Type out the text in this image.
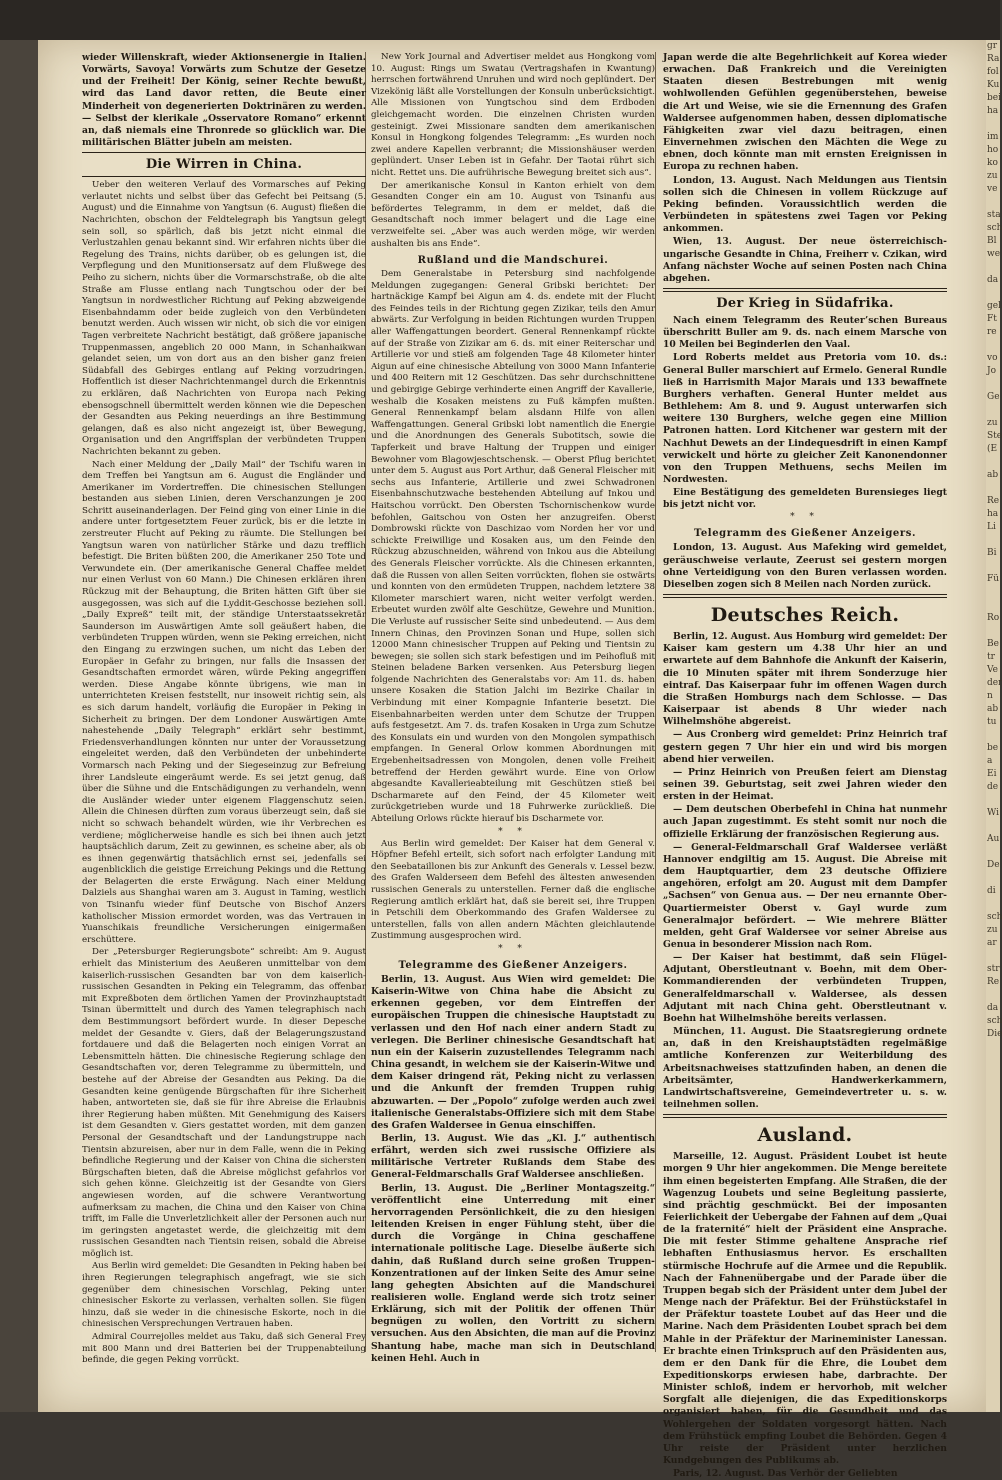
gr
Ra
fol
Ku
bei
ha

im
ho
ko
zu
ve

sta
sch
Bl
we

da

gel
Ft
re

vo
Jo

Ge

zu
Ste
(E

ab

Re
ha
Li

Bi

Fü

Ro

Be
tr
Ve
der
n
ab
tu

be
a
Ei
de

Wi

Au

De

di

sch
zu
ar

str
Re

da
sch
Die

wieder Willenskraft, wieder Aktionsenergie in Italien. Vorwärts, Savoya! Vorwärts zum Schutze der Gesetze und der Freiheit! Der König, seiner Rechte bewußt, wird das Land davor retten, die Beute einer Minderheit von degenerierten Doktrinären zu werden. — Selbst der klerikale „Osservatore Romano“ erkennt an, daß niemals eine Thronrede so glücklich war. Die militärischen Blätter jubeln am meisten.

Die Wirren in China.

Ueber den weiteren Verlauf des Vormarsches auf Peking verlautet nichts und selbst über das Gefecht bei Peitsang (5. August) und die Einnahme von Yangtsun (6. August) fließen die Nachrichten, obschon der Feldtelegraph bis Yangtsun gelegt sein soll, so spärlich, daß bis jetzt nicht einmal die Verlustzahlen genau bekannt sind. Wir erfahren nichts über die Regelung des Trains, nichts darüber, ob es gelungen ist, die Verpflegung und den Munitionsersatz auf dem Flußwege des Peiho zu sichern, nichts über die Vormarschstraße, ob die alte Straße am Flusse entlang nach Tungtschou oder der bei Yangtsun in nordwestlicher Richtung auf Peking abzweigende Eisenbahndamm oder beide zugleich von den Verbündeten benutzt werden. Auch wissen wir nicht, ob sich die vor einigen Tagen verbreitete Nachricht bestätigt, daß größere japanische Truppenmassen, angeblich 20 000 Mann, in Schanhaikwan gelandet seien, um von dort aus an den bisher ganz freien Südabfall des Gebirges entlang auf Peking vorzudringen. Hoffentlich ist dieser Nachrichtenmangel durch die Erkenntnis zu erklären, daß Nachrichten von Europa nach Peking ebensogschnell übermittelt werden können wie die Depeschen der Gesandten aus Peking neuerdings an ihre Bestimmung gelangen, daß es also nicht angezeigt ist, über Bewegung, Organisation und den Angriffsplan der verbündeten Truppen Nachrichten bekannt zu geben.

Nach einer Meldung der „Daily Mail“ der Tschifu waren in dem Treffen bei Yangtsun am 6. August die Engländer und Amerikaner im Vordertreffen. Die chinesischen Stellungen bestanden aus sieben Linien, deren Verschanzungen je 200 Schritt auseinanderlagen. Der Feind ging von einer Linie in die andere unter fortgesetztem Feuer zurück, bis er die letzte in zerstreuter Flucht auf Peking zu räumte. Die Stellungen bei Yangtsun waren von natürlicher Stärke und dazu trefflich befestigt. Die Briten büßten 200, die Amerikaner 250 Tote und Verwundete ein. (Der amerikanische General Chaffee meldet nur einen Verlust von 60 Mann.) Die Chinesen erklären ihren Rückzug mit der Behauptung, die Briten hätten Gift über sie ausgegossen, was sich auf die Lyddit-Geschosse beziehen soll. „Daily Expreß“ teilt mit, der ständige Unterstaatssekretär Saunderson im Auswärtigen Amte soll geäußert haben, die verbündeten Truppen würden, wenn sie Peking erreichen, nicht den Eingang zu erzwingen suchen, um nicht das Leben der Europäer in Gefahr zu bringen, nur falls die Insassen der Gesandtschaften ermordet wären, würde Peking angegriffen werden. Diese Angabe könnte übrigens, wie man in unterrichteten Kreisen feststellt, nur insoweit richtig sein, als es sich darum handelt, vorläufig die Europäer in Peking in Sicherheit zu bringen. Der dem Londoner Auswärtigen Amte nahestehende „Daily Telegraph“ erklärt sehr bestimmt, Friedensverhandlungen könnten nur unter der Voraussetzung eingeleitet werden, daß den Verbündeten der unbehinderte Vormarsch nach Peking und der Siegeseinzug zur Befreiung ihrer Landsleute eingeräumt werde. Es sei jetzt genug, daß über die Sühne und die Entschädigungen zu verhandeln, wenn die Ausländer wieder unter eigenem Flaggenschutz seien. Allein die Chinesen dürften zum voraus überzeugt sein, daß sie nicht so schwach behandelt würden, wie ihr Verbrechen es verdiene; möglicherweise handle es sich bei ihnen auch jetzt hauptsächlich darum, Zeit zu gewinnen, es scheine aber, als ob es ihnen gegenwärtig thatsächlich ernst sei, jedenfalls sei augenblicklich die geistige Erreichung Pekings und die Rettung der Belagerten die erste Erwägung. Nach einer Meldung Dalziels aus Shanghai waren am 3. August in Taming, westlich von Tsinanfu wieder fünf Deutsche von Bischof Anzers katholischer Mission ermordet worden, was das Vertrauen in Yuanschikais freundliche Versicherungen einigermaßen erschüttere.

Der „Petersburger Regierungsbote“ schreibt: Am 9. August erhielt das Ministerium des Aeußeren unmittelbar von dem kaiserlich-russischen Gesandten bar von dem kaiserlich-russischen Gesandten in Peking ein Telegramm, das offenbar mit Expreßboten dem örtlichen Yamen der Provinzhauptstadt Tsinan übermittelt und durch des Yamen telegraphisch nach dem Bestimmungsort befördert wurde. In dieser Depesche meldet der Gesandte v. Giers, daß der Belagerungszustand fortdauere und daß die Belagerten noch einigen Vorrat an Lebensmitteln hätten. Die chinesische Regierung schlage den Gesandtschaften vor, deren Telegramme zu übermitteln, und bestehe auf der Abreise der Gesandten aus Peking. Da die Gesandten keine genügende Bürgschaften für ihre Sicherheit haben, antworteten sie, daß sie für ihre Abreise die Erlaubnis ihrer Regierung haben müßten. Mit Genehmigung des Kaisers ist dem Gesandten v. Giers gestattet worden, mit dem ganzen Personal der Gesandtschaft und der Landungstruppe nach Tientsin abzureisen, aber nur in dem Falle, wenn die in Peking befindliche Regierung und der Kaiser von China die sichersten Bürgschaften bieten, daß die Abreise möglichst gefahrlos vor sich gehen könne. Gleichzeitig ist der Gesandte von Giers angewiesen worden, auf die schwere Verantwortung aufmerksam zu machen, die China und den Kaiser von China trifft, im Falle die Unverletzlichkeit aller der Personen auch nur im geringsten angetastet werde, die gleichzeitig mit dem russischen Gesandten nach Tientsin reisen, sobald die Abreise möglich ist.

Aus Berlin wird gemeldet: Die Gesandten in Peking haben bei ihren Regierungen telegraphisch angefragt, wie sie sich gegenüber dem chinesischen Vorschlag, Peking unter chinesischer Eskorte zu verlassen, verhalten sollen. Sie fügen hinzu, daß sie weder in die chinesische Eskorte, noch in die chinesischen Versprechungen Vertrauen haben.

Admiral Courrejolles meldet aus Taku, daß sich General Frey mit 800 Mann und drei Batterien bei der Truppenabteilung befinde, die gegen Peking vorrückt.

New York Journal and Advertiser meldet aus Hongkong vom 10. August: Rings um Swatau (Vertragshafen in Kwantung) herrschen fortwährend Unruhen und wird noch geplündert. Der Vizekönig läßt alle Vorstellungen der Konsuln unberücksichtigt. Alle Missionen von Yungtschou sind dem Erdboden gleichgemacht worden. Die einzelnen Christen wurden gesteinigt. Zwei Missionare sandten dem amerikanischen Konsul in Hongkong folgendes Telegramm: „Es wurden noch zwei andere Kapellen verbrannt; die Missionshäuser werden geplündert. Unser Leben ist in Gefahr. Der Taotai rührt sich nicht. Rettet uns. Die aufrührische Bewegung breitet sich aus“.

Der amerikanische Konsul in Kanton erhielt von dem Gesandten Conger ein am 10. August von Tsinanfu aus befördertes Telegramm, in dem er meldet, daß die Gesandtschaft noch immer belagert und die Lage eine verzweifelte sei. „Aber was auch werden möge, wir werden aushalten bis ans Ende“.

Rußland und die Mandschurei.

Dem Generalstabe in Petersburg sind nachfolgende Meldungen zugegangen: General Gribski berichtet: Der hartnäckige Kampf bei Aigun am 4. ds. endete mit der Flucht des Feindes teils in der Richtung gegen Zizikar, teils den Amur abwärts. Zur Verfolgung in beiden Richtungen wurden Truppen aller Waffengattungen beordert. General Rennenkampf rückte auf der Straße von Zizikar am 6. ds. mit einer Reiterschar und Artillerie vor und stieß am folgenden Tage 48 Kilometer hinter Aigun auf eine chinesische Abteilung von 3000 Mann Infanterie und 400 Reitern mit 12 Geschützen. Das sehr durchschnittene und gebirgige Gebirge verhinderte einen Angriff der Kavallerie, weshalb die Kosaken meistens zu Fuß kämpfen mußten. General Rennenkampf belam alsdann Hilfe von allen Waffengattungen. General Gribski lobt namentlich die Energie und die Anordnungen des Generals Subotitsch, sowie die Tapferkeit und brave Haltung der Truppen und einiger Bewohner vom Blagowjeschtschensk. — Oberst Pflug berichtet unter dem 5. August aus Port Arthur, daß General Fleischer mit sechs aus Infanterie, Artillerie und zwei Schwadronen Eisenbahnschutzwache bestehenden Abteilung auf Inkou und Haitschou vorrückt. Den Obersten Tschornischenkow wurde befohlen, Gaitschou von Osten her anzugreifen. Oberst Dombrowski rückte von Daschizao vom Norden her vor und schickte Freiwillige und Kosaken aus, um den Feinde den Rückzug abzuschneiden, während von Inkou aus die Abteilung des Generals Fleischer vorrückte. Als die Chinesen erkannten, daß die Russen von allen Seiten vorrückten, flohen sie ostwärts und konnten von den ermüdeten Truppen, nachdem letztere 38 Kilometer marschiert waren, nicht weiter verfolgt werden. Erbeutet wurden zwölf alte Geschütze, Gewehre und Munition. Die Verluste auf russischer Seite sind unbedeutend. — Aus dem Innern Chinas, den Provinzen Sonan und Hupe, sollen sich 12000 Mann chinesischer Truppen auf Peking und Tientsin zu bewegen; sie sollen sich stark befestigen und im Peihofluß mit Steinen beladene Barken versenken. Aus Petersburg liegen folgende Nachrichten des Generalstabs vor: Am 11. ds. haben unsere Kosaken die Station Jalchi im Bezirke Chailar in Verbindung mit einer Kompagnie Infanterie besetzt. Die Eisenbahnarbeiten werden unter dem Schutze der Truppen aufs festgesetzt. Am 7. ds. trafen Kosaken in Urga zum Schutze des Konsulats ein und wurden von den Mongolen sympathisch empfangen. In General Orlow kommen Abordnungen mit Ergebenheitsadressen von Mongolen, denen volle Freiheit betreffend der Herden gewährt wurde. Eine von Orlow abgesandte Kavallerieabteilung mit Geschützen stieß bei Dscharmarete auf den Feind, der 45 Kilometer weit zurückgetrieben wurde und 18 Fuhrwerke zurückließ. Die Abteilung Orlows rückte hierauf bis Dscharmete vor.

* *

Aus Berlin wird gemeldet: Der Kaiser hat dem General v. Höpfner Befehl erteilt, sich sofort nach erfolgter Landung mit den Seebataillonen bis zur Ankunft des Generals v. Lessel bezw. des Grafen Walderseeп dem Befehl des ältesten anwesenden russischen Generals zu unterstellen. Ferner daß die englische Regierung amtlich erklärt hat, daß sie bereit sei, ihre Truppen in Petschili dem Oberkommando des Grafen Waldersee zu unterstellen, falls von allen andern Mächten gleichlautende Zustimmung ausgesprochen wird.

* *
Telegramme des Gießener Anzeigers.

Berlin, 13. August. Aus Wien wird gemeldet: Die Kaiserin-Witwe von China habe die Absicht zu erkennen gegeben, vor dem Eintreffen der europäischen Truppen die chinesische Hauptstadt zu verlassen und den Hof nach einer andern Stadt zu verlegen. Die Berliner chinesische Gesandtschaft hat nun ein der Kaiserin zuzustellendes Telegramm nach China gesandt, in welchem sie der Kaiserin-Witwe und dem Kaiser dringend rät, Peking nicht zu verlassen und die Ankunft der fremden Truppen ruhig abzuwarten. — Der „Popolo“ zufolge werden auch zwei italienische Generalstabs-Offiziere sich mit dem Stabe des Grafen Waldersee in Genua einschiffen.

Berlin, 13. August. Wie das „Kl. J.“ authentisch erfährt, werden sich zwei russische Offiziere als militärische Vertreter Rußlands dem Stabe des General-Feldmarschalls Graf Waldersee anschließen.

Berlin, 13. August. Die „Berliner Montagszeitg.“ veröffentlicht eine Unterredung mit einer hervorragenden Persönlichkeit, die zu den hiesigen leitenden Kreisen in enger Fühlung steht, über die durch die Vorgänge in China geschaffene internationale politische Lage. Dieselbe äußerte sich dahin, daß Rußland durch seine großen Truppen-Konzentrationen auf der linken Seite des Amur seine lang gehegten Absichten auf die Mandschurei realisieren wolle. England werde sich trotz seiner Erklärung, sich mit der Politik der offenen Thür begnügen zu wollen, den Vortritt zu sichern versuchen. Aus den Absichten, die man auf die Provinz Shantung habe, mache man sich in Deutschland keinen Hehl. Auch in

Japan werde die alte Begehrlichkeit auf Korea wieder erwachen. Daß Frankreich und die Vereinigten Staaten diesen Bestrebungen mit wenig wohlwollenden Gefühlen gegenüberstehen, beweise die Art und Weise, wie sie die Ernennung des Grafen Waldersee aufgenommen haben, dessen diplomatische Fähigkeiten zwar viel dazu beitragen, einen Einvernehmen zwischen den Mächten die Wege zu ebnen, doch könnte man mit ernsten Ereignissen in Europa zu rechnen haben.

London, 13. August. Nach Meldungen aus Tientsin sollen sich die Chinesen in vollem Rückzuge auf Peking befinden. Voraussichtlich werden die Verbündeten in spätestens zwei Tagen vor Peking ankommen.

Wien, 13. August. Der neue österreichisch-ungarische Gesandte in China, Freiherr v. Czikan, wird Anfang nächster Woche auf seinen Posten nach China abgehen.

Der Krieg in Südafrika.

Nach einem Telegramm des Reuter’schen Bureaus überschritt Buller am 9. ds. nach einem Marsche von 10 Meilen bei Beginderlen den Vaal.

Lord Roberts meldet aus Pretoria vom 10. ds.: General Buller marschiert auf Ermelo. General Rundle ließ in Harrismith Major Marais und 133 bewaffnete Burghers verhaften. General Hunter meldet aus Bethlehem: Am 8. und 9. August unterwarfen sich weitere 130 Burghers, welche gegen eine Million Patronen hatten. Lord Kitchener war gestern mit der Nachhut Dewets an der Lindequesdrift in einen Kampf verwickelt und hörte zu gleicher Zeit Kanonendonner von den Truppen Methuens, sechs Meilen im Nordwesten.

Eine Bestätigung des gemeldeten Burensieges liegt bis jetzt nicht vor.

* *
Telegramm des Gießener Anzeigers.

London, 13. August. Aus Mafeking wird gemeldet, geräuschweise verlaute, Zeerust sei gestern morgen ohne Verteidigung von den Buren verlassen worden. Dieselben zogen sich 8 Meilen nach Norden zurück.

Deutsches Reich.

Berlin, 12. August. Aus Homburg wird gemeldet: Der Kaiser kam gestern um 4.38 Uhr hier an und erwartete auf dem Bahnhofe die Ankunft der Kaiserin, die 10 Minuten später mit ihrem Sonderzuge hier eintraf. Das Kaiserpaar fuhr im offenen Wagen durch die Straßen Homburgs nach dem Schlosse. — Das Kaiserpaar ist abends 8 Uhr wieder nach Wilhelmshöhe abgereist.

— Aus Cronberg wird gemeldet: Prinz Heinrich traf gestern gegen 7 Uhr hier ein und wird bis morgen abend hier verweilen.

— Prinz Heinrich von Preußen feiert am Dienstag seinen 39. Geburtstag, seit zwei Jahren wieder den ersten in der Heimat.

— Dem deutschen Oberbefehl in China hat nunmehr auch Japan zugestimmt. Es steht somit nur noch die offizielle Erklärung der französischen Regierung aus.

— General-Feldmarschall Graf Waldersee verläßt Hannover endgiltig am 15. August. Die Abreise mit dem Hauptquartier, dem 23 deutsche Offiziere angehören, erfolgt am 20. August mit dem Dampfer „Sachsen“ von Genua aus. — Der neu ernannte Ober-Quartiermeister Oberst v. Gayl wurde zum Generalmajor befördert. — Wie mehrere Blätter melden, geht Graf Waldersee vor seiner Abreise aus Genua in besonderer Mission nach Rom.

— Der Kaiser hat bestimmt, daß sein Flügel-Adjutant, Oberstleutnant v. Boehn, mit dem Ober-Kommandierenden der verbündeten Truppen, Generalfeldmarschall v. Waldersee, als dessen Adjutant mit nach China geht. Oberstleutnant v. Boehn hat Wilhelmshöhe bereits verlassen.

München, 11. August. Die Staatsregierung ordnete an, daß in den Kreishauptstädten regelmäßige amtliche Konferenzen zur Weiterbildung des Arbeitsnachweises stattzufinden haben, an denen die Arbeitsämter, Handwerkerkammern, Landwirtschaftsvereine, Gemeindevertreter u. s. w. teilnehmen sollen.

Ausland.

Marseille, 12. August. Präsident Loubet ist heute morgen 9 Uhr hier angekommen. Die Menge bereitete ihm einen begeisterten Empfang. Alle Straßen, die der Wagenzug Loubets und seine Begleitung passierte, sind prächtig geschmückt. Bei der imposanten Feierlichkeit der Uebergabe der Fahnen auf dem „Quai de la fraternité“ hielt der Präsident eine Ansprache. Die mit fester Stimme gehaltene Ansprache rief lebhaften Enthusiasmus hervor. Es erschallten stürmische Hochrufe auf die Armee und die Republik. Nach der Fahnenübergabe und der Parade über die Truppen begab sich der Präsident unter dem Jubel der Menge nach der Präfektur. Bei der Frühstückstafel in der Präfektur toastete Loubet auf das Heer und die Marine. Nach dem Präsidenten Loubet sprach bei dem Mahle in der Präfektur der Marineminister Lanessan. Er brachte einen Trinkspruch auf den Präsidenten aus, dem er den Dank für die Ehre, die Loubet dem Expeditionskorps erwiesen habe, darbrachte. Der Minister schloß, indem er hervorhob, mit welcher Sorgfalt alle diejenigen, die das Expeditionskorps organisiert haben, für die Gesundheit und das Wohlergehen der Soldaten vorgesorgt hätten. Nach dem Frühstück empfing Loubet die Behörden. Gegen 4 Uhr reiste der Präsident unter herzlichen Kundgebungen des Publikums ab.

Paris, 12. August. Das Verhör der Geliebten
